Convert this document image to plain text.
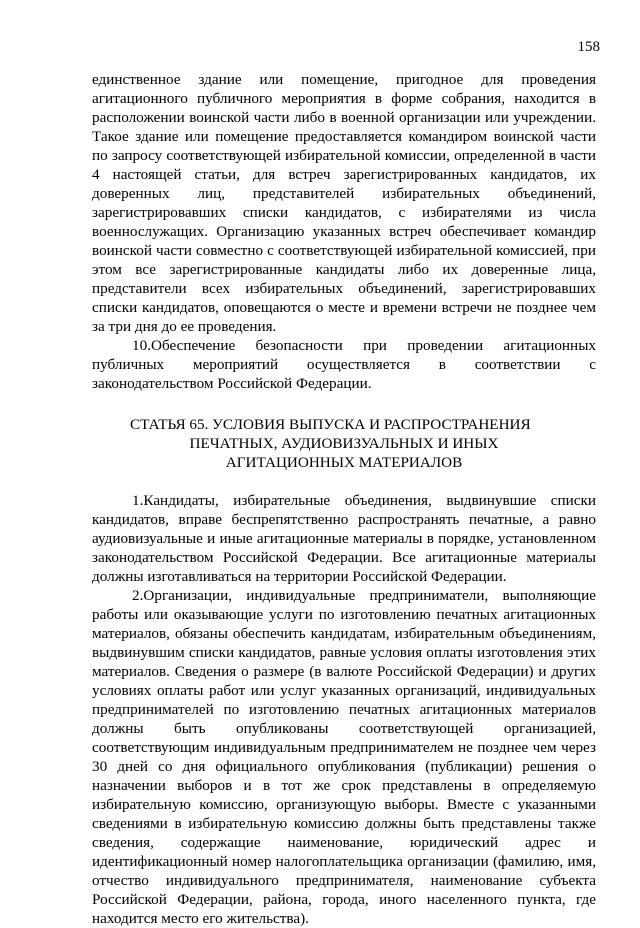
158

единственное здание или помещение, пригодное для проведения агитационного публичного мероприятия в форме собрания, находится в расположении воинской части либо в военной организации или учреждении. Такое здание или помещение предоставляется командиром воинской части по запросу соответствующей избирательной комиссии, определенной в части 4 настоящей статьи, для встреч зарегистрированных кандидатов, их доверенных лиц, представителей избирательных объединений, зарегистрировавших списки кандидатов, с избирателями из числа военнослужащих. Организацию указанных встреч обеспечивает командир воинской части совместно с соответствующей избирательной комиссией, при этом все зарегистрированные кандидаты либо их доверенные лица, представители всех избирательных объединений, зарегистрировавших списки кандидатов, оповещаются о месте и времени встречи не позднее чем за три дня до ее проведения.

10.Обеспечение безопасности при проведении агитационных публичных мероприятий осуществляется в соответствии с законодательством Российской Федерации.

СТАТЬЯ 65. УСЛОВИЯ ВЫПУСКА И РАСПРОСТРАНЕНИЯ
ПЕЧАТНЫХ, АУДИОВИЗУАЛЬНЫХ И ИНЫХ
АГИТАЦИОННЫХ МАТЕРИАЛОВ

1.Кандидаты, избирательные объединения, выдвинувшие списки кандидатов, вправе беспрепятственно распространять печатные, а равно аудиовизуальные и иные агитационные материалы в порядке, установленном законодательством Российской Федерации. Все агитационные материалы должны изготавливаться на территории Российской Федерации.

2.Организации, индивидуальные предприниматели, выполняющие работы или оказывающие услуги по изготовлению печатных агитационных материалов, обязаны обеспечить кандидатам, избирательным объединениям, выдвинувшим списки кандидатов, равные условия оплаты изготовления этих материалов. Сведения о размере (в валюте Российской Федерации) и других условиях оплаты работ или услуг указанных организаций, индивидуальных предпринимателей по изготовлению печатных агитационных материалов должны быть опубликованы соответствующей организацией, соответствующим индивидуальным предпринимателем не позднее чем через 30 дней со дня официального опубликования (публикации) решения о назначении выборов и в тот же срок представлены в определяемую избирательную комиссию, организующую выборы. Вместе с указанными сведениями в избирательную комиссию должны быть представлены также сведения, содержащие наименование, юридический адрес и идентификационный номер налогоплательщика организации (фамилию, имя, отчество индивидуального предпринимателя, наименование субъекта Российской Федерации, района, города, иного населенного пункта, где находится место его жительства).
